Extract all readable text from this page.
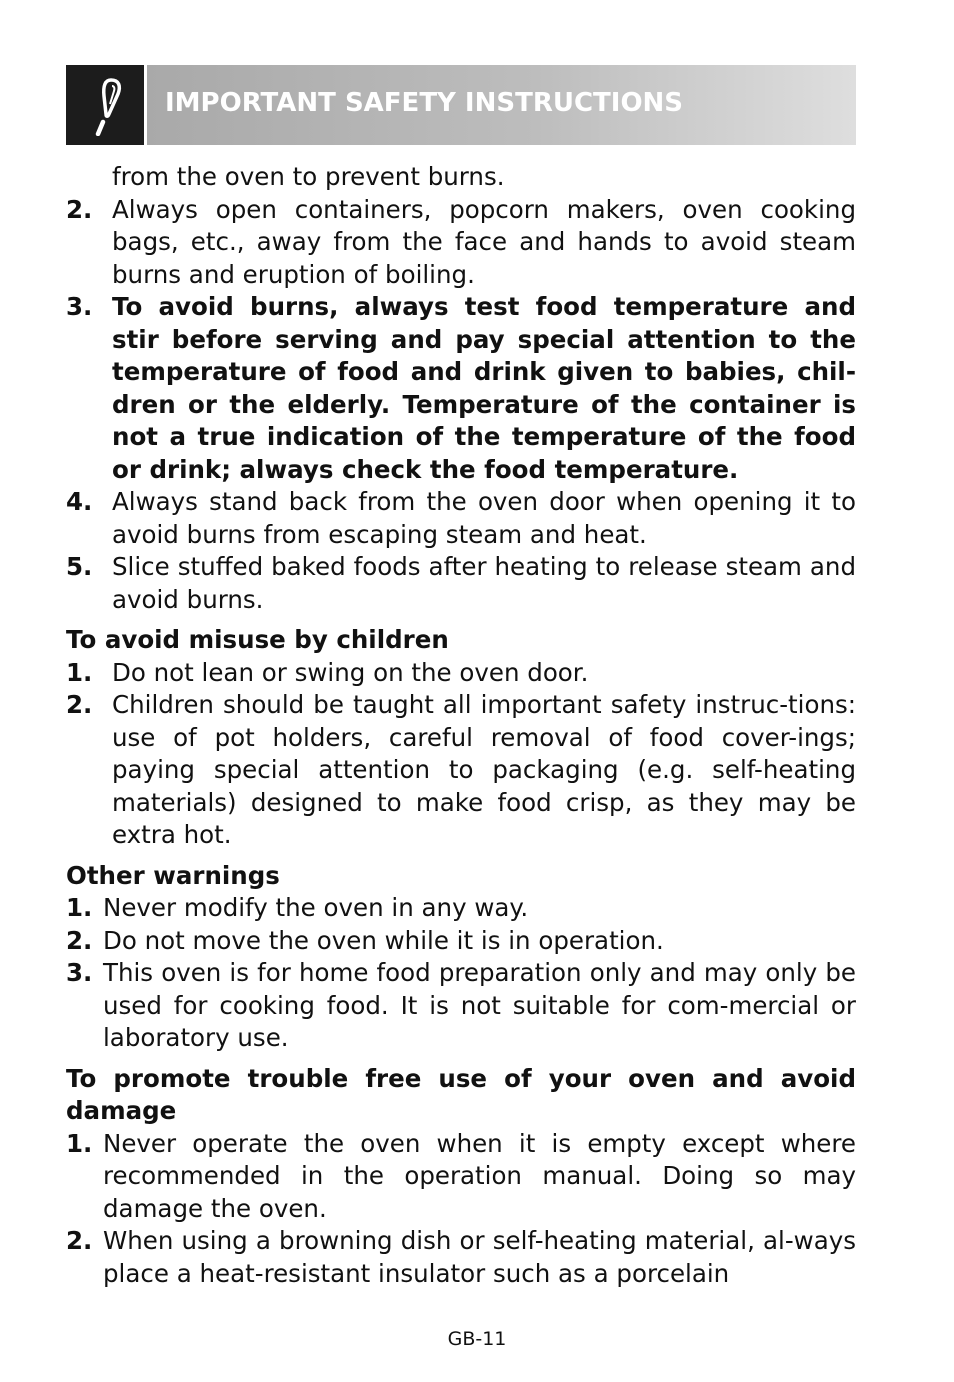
IMPORTANT SAFETY INSTRUCTIONS
from the oven to prevent burns.
2. Always open containers, popcorn makers, oven cooking bags, etc., away from the face and hands to avoid steam burns and eruption of boiling.
3. To avoid burns, always test food temperature and stir before serving and pay special attention to the temperature of food and drink given to babies, chil-dren or the elderly. Temperature of the container is not a true indication of the temperature of the food or drink; always check the food temperature.
4. Always stand back from the oven door when opening it to avoid burns from escaping steam and heat.
5. Slice stuffed baked foods after heating to release steam and avoid burns.
To avoid misuse by children
1. Do not lean or swing on the oven door.
2. Children should be taught all important safety instruc-tions: use of pot holders, careful removal of food cover-ings; paying special attention to packaging (e.g. self-heating materials) designed to make food crisp, as they may be extra hot.
Other warnings
1. Never modify the oven in any way.
2. Do not move the oven while it is in operation.
3. This oven is for home food preparation only and may only be used for cooking food. It is not suitable for com-mercial or laboratory use.
To promote trouble free use of your oven and avoid damage
1. Never operate the oven when it is empty except where recommended in the operation manual. Doing so may damage the oven.
2. When using a browning dish or self-heating material, al-ways place a heat-resistant insulator such as a porcelain
GB-11
